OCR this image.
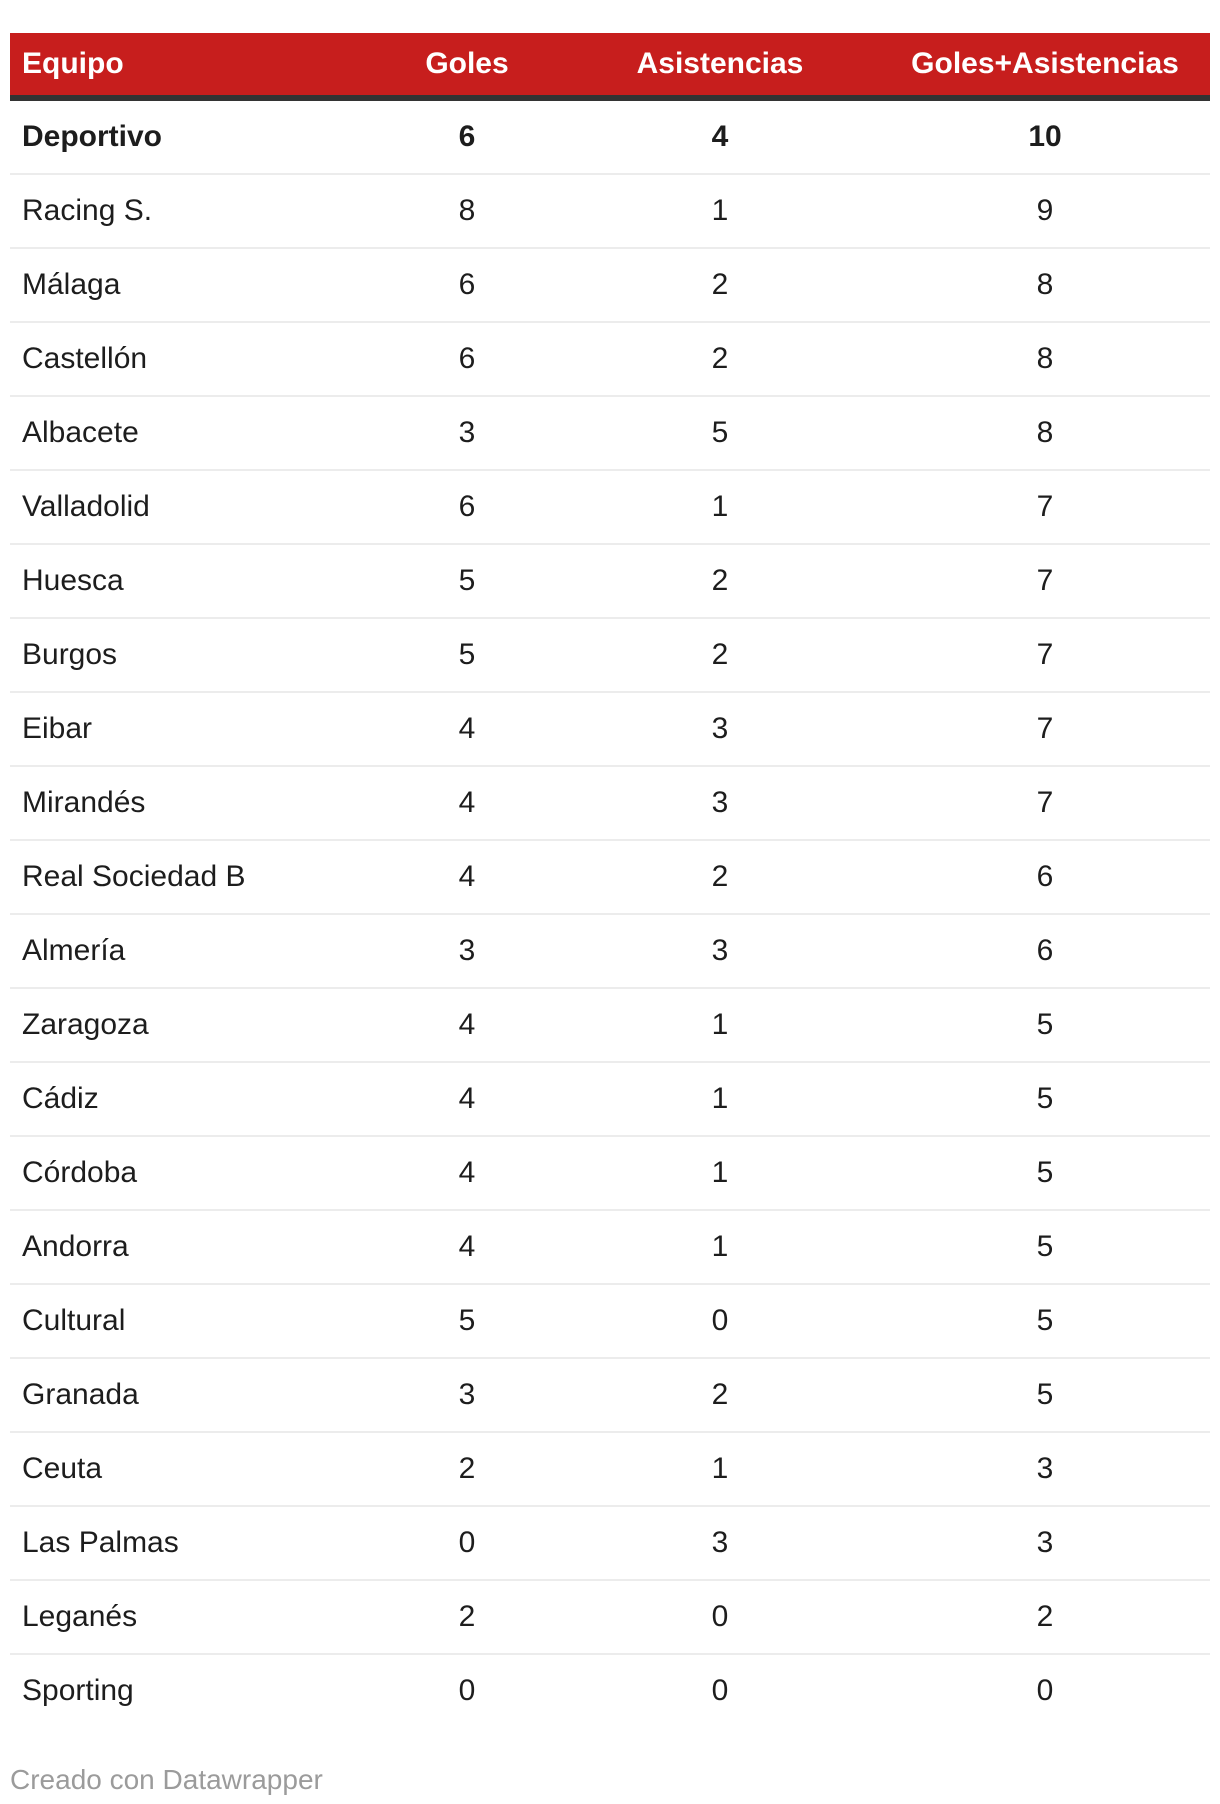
Equipo	Goles	Asistencias	Goles+Asistencias
Deportivo	6	4	10
Racing S.	8	1	9
Málaga	6	2	8
Castellón	6	2	8
Albacete	3	5	8
Valladolid	6	1	7
Huesca	5	2	7
Burgos	5	2	7
Eibar	4	3	7
Mirandés	4	3	7
Real Sociedad B	4	2	6
Almería	3	3	6
Zaragoza	4	1	5
Cádiz	4	1	5
Córdoba	4	1	5
Andorra	4	1	5
Cultural	5	0	5
Granada	3	2	5
Ceuta	2	1	3
Las Palmas	0	3	3
Leganés	2	0	2
Sporting	0	0	0
Creado con Datawrapper
